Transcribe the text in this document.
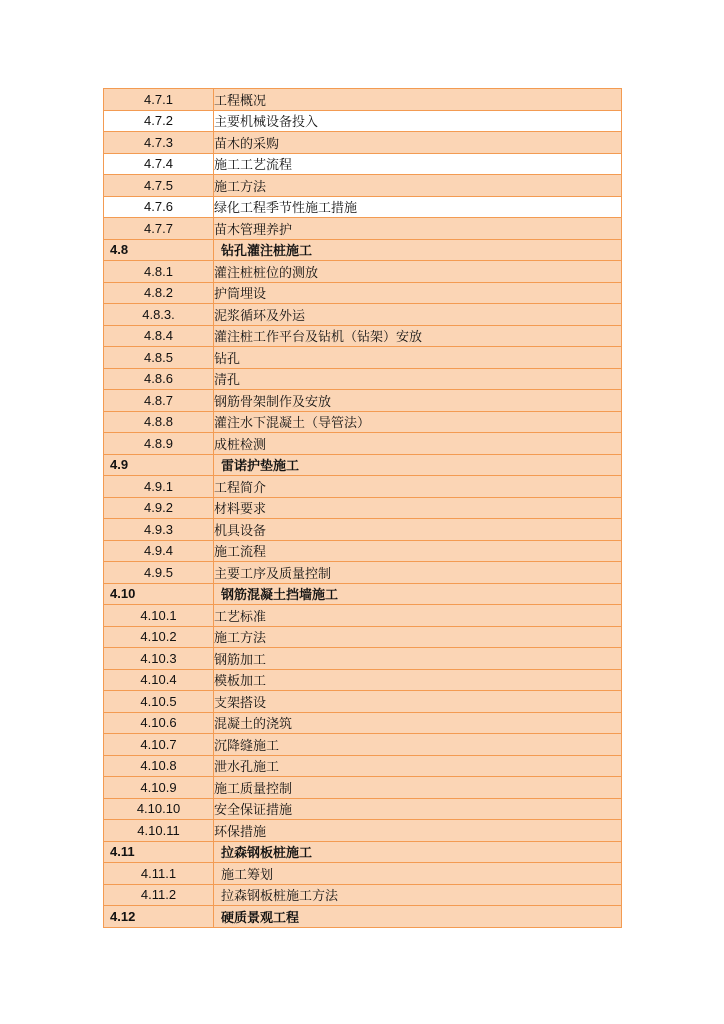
4.7.1	工程概况
4.7.2	主要机械设备投入
4.7.3	苗木的采购
4.7.4	施工工艺流程
4.7.5	施工方法
4.7.6	绿化工程季节性施工措施
4.7.7	苗木管理养护
4.8	钻孔灌注桩施工
4.8.1	灌注桩桩位的测放
4.8.2	护筒埋设
4.8.3.	泥浆循环及外运
4.8.4	灌注桩工作平台及钻机（钻架）安放
4.8.5	钻孔
4.8.6	清孔
4.8.7	钢筋骨架制作及安放
4.8.8	灌注水下混凝土（导管法）
4.8.9	成桩检测
4.9	雷诺护垫施工
4.9.1	工程简介
4.9.2	材料要求
4.9.3	机具设备
4.9.4	施工流程
4.9.5	主要工序及质量控制
4.10	钢筋混凝土挡墙施工
4.10.1	工艺标准
4.10.2	施工方法
4.10.3	钢筋加工
4.10.4	模板加工
4.10.5	支架搭设
4.10.6	混凝土的浇筑
4.10.7	沉降缝施工
4.10.8	泄水孔施工
4.10.9	施工质量控制
4.10.10	安全保证措施
4.10.11	环保措施
4.11	拉森钢板桩施工
4.11.1	施工筹划
4.11.2	拉森钢板桩施工方法
4.12	硬质景观工程
